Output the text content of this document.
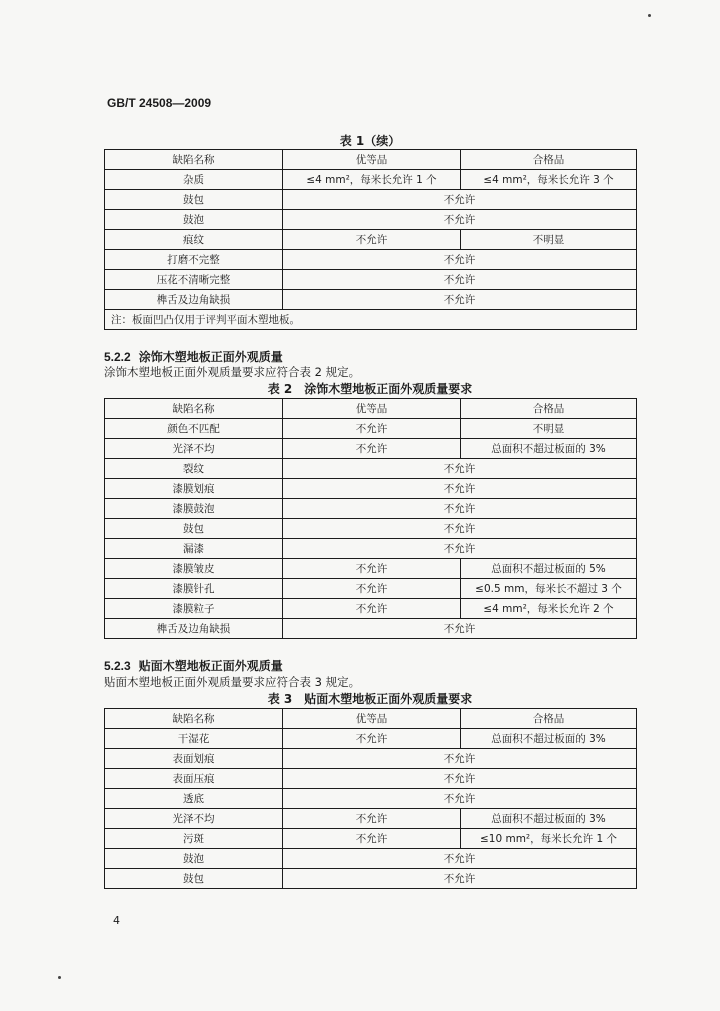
GB/T 24508—2009
表 1（续）
缺陷名称	优等品	合格品
杂质	≤4 mm²，每米长允许 1 个	≤4 mm²，每米长允许 3 个
鼓包	不允许	
鼓泡	不允许	
痕纹	不允许	不明显
打磨不完整	不允许	
压花不清晰完整	不允许	
榫舌及边角缺损	不允许	
注：板面凹凸仅用于评判平面木塑地板。		
5.2.2 涂饰木塑地板正面外观质量
涂饰木塑地板正面外观质量要求应符合表 2 规定。
表 2　涂饰木塑地板正面外观质量要求
缺陷名称	优等品	合格品
颜色不匹配	不允许	不明显
光泽不均	不允许	总面积不超过板面的 3%
裂纹	不允许	
漆膜划痕	不允许	
漆膜鼓泡	不允许	
鼓包	不允许	
漏漆	不允许	
漆膜皱皮	不允许	总面积不超过板面的 5%
漆膜针孔	不允许	≤0.5 mm，每米长不超过 3 个
漆膜粒子	不允许	≤4 mm²，每米长允许 2 个
榫舌及边角缺损	不允许	
5.2.3 贴面木塑地板正面外观质量
贴面木塑地板正面外观质量要求应符合表 3 规定。
表 3　贴面木塑地板正面外观质量要求
缺陷名称	优等品	合格品
干湿花	不允许	总面积不超过板面的 3%
表面划痕	不允许	
表面压痕	不允许	
透底	不允许	
光泽不均	不允许	总面积不超过板面的 3%
污斑	不允许	≤10 mm²，每米长允许 1 个
鼓泡	不允许	
鼓包	不允许	
4
